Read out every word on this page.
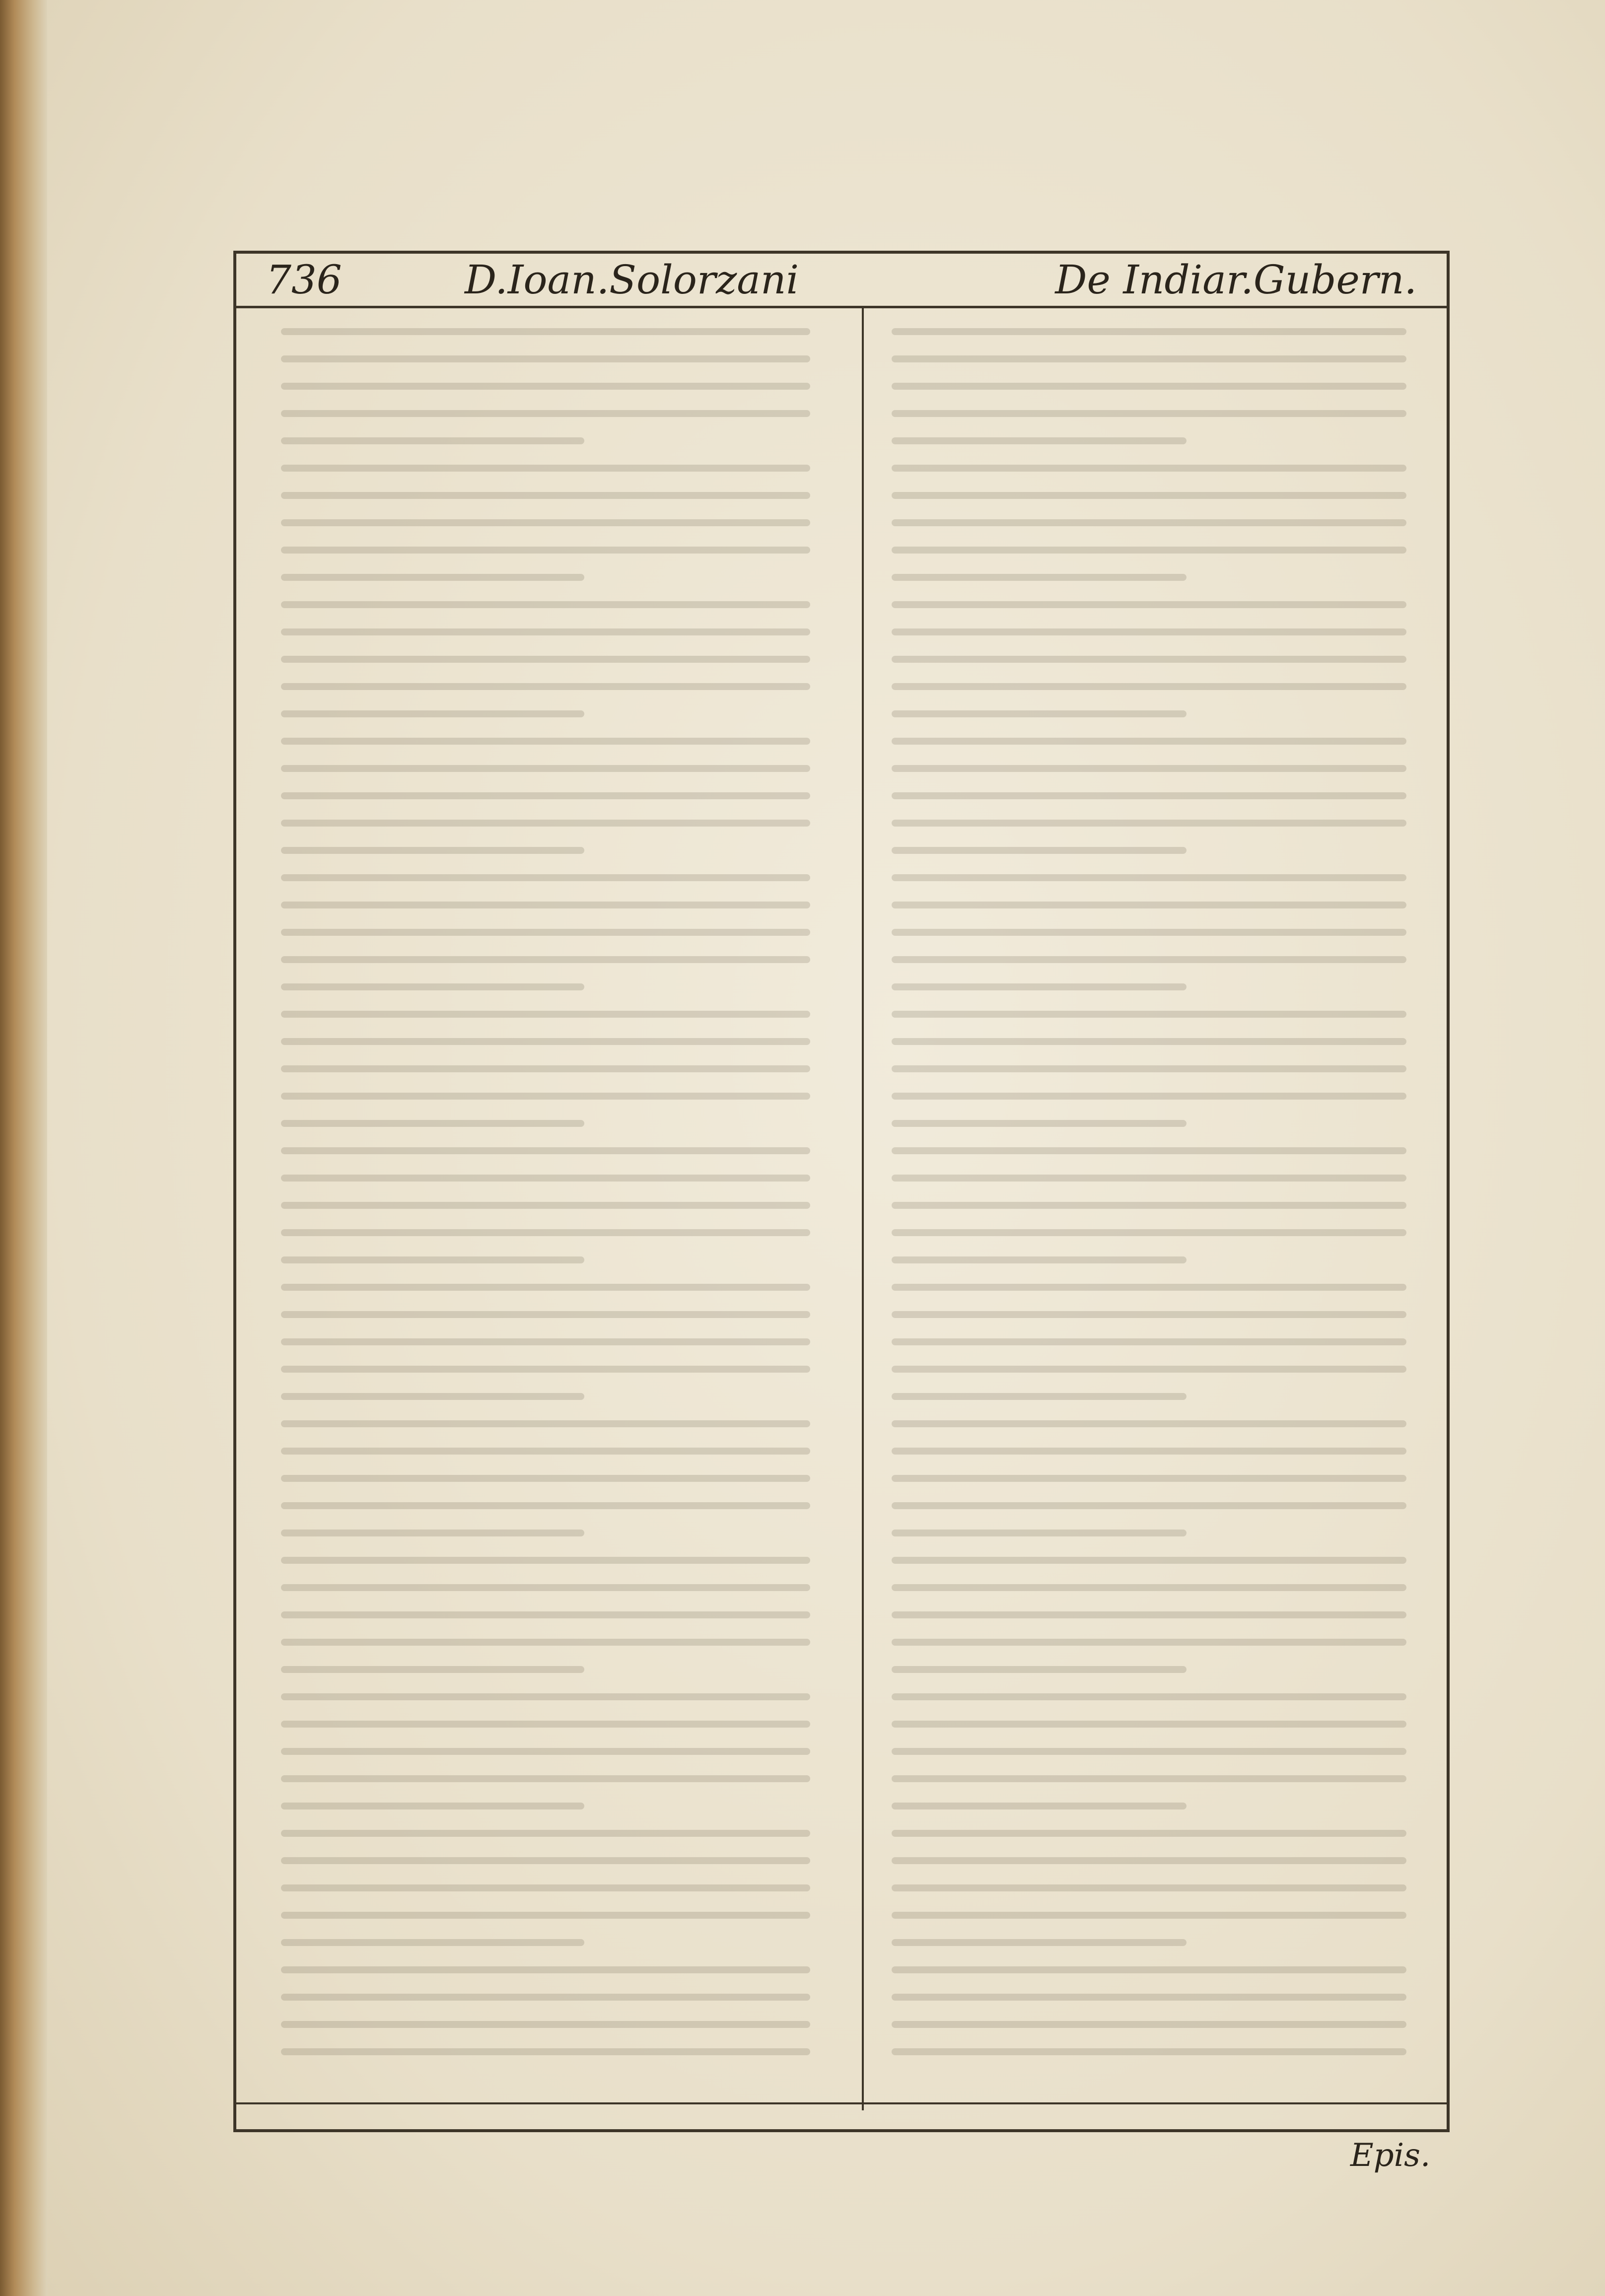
736	D.Ioan.Solorzani	De Indiar.Gubern.
Epis.
